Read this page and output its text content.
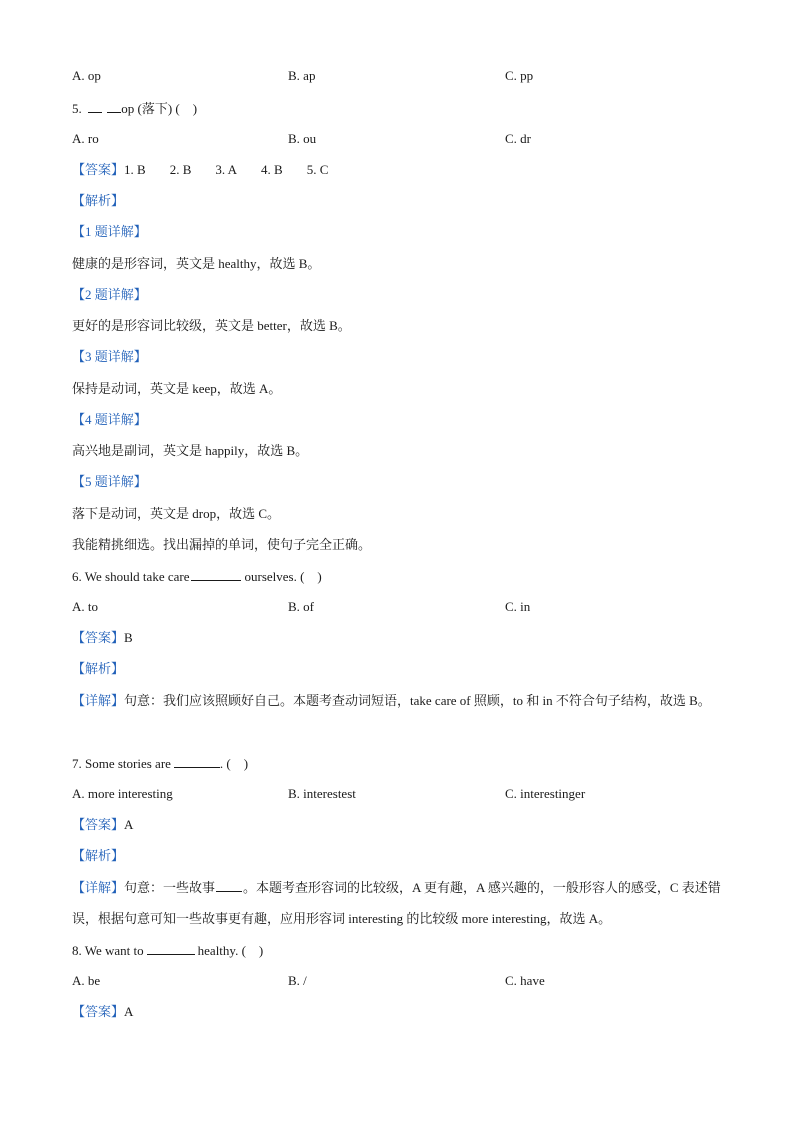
A. op	B. ap	C. pp
5.	op (落下) ( )
A. ro	B. ou	C. dr
【答案】1. B 2. B 3. A 4. B 5. C
【解析】
【1 题详解】
健康的是形容词，英文是 healthy，故选 B。
【2 题详解】
更好的是形容词比较级，英文是 better，故选 B。
【3 题详解】
保持是动词，英文是 keep，故选 A。
【4 题详解】
高兴地是副词，英文是 happily，故选 B。
【5 题详解】
落下是动词，英文是 drop，故选 C。
我能精挑细选。找出漏掉的单词，使句子完全正确。
6. We should take care	ourselves. ( )
A. to	B. of	C. in
【答案】B
【解析】
【详解】句意：我们应该照顾好自己。本题考查动词短语，take care of 照顾，to 和 in 不符合句子结构，故选 B。
7. Some stories are	. ( )
A. more interesting	B. interestest	C. interestinger
【答案】A
【解析】
【详解】句意：一些故事 。本题考查形容词的比较级，A 更有趣，A 感兴趣的，一般形容人的感受，C 表述错误，根据句意可知一些故事更有趣，应用形容词 interesting 的比较级 more interesting，故选 A。
8. We want to	healthy. ( )
A. be	B. /	C. have
【答案】A
